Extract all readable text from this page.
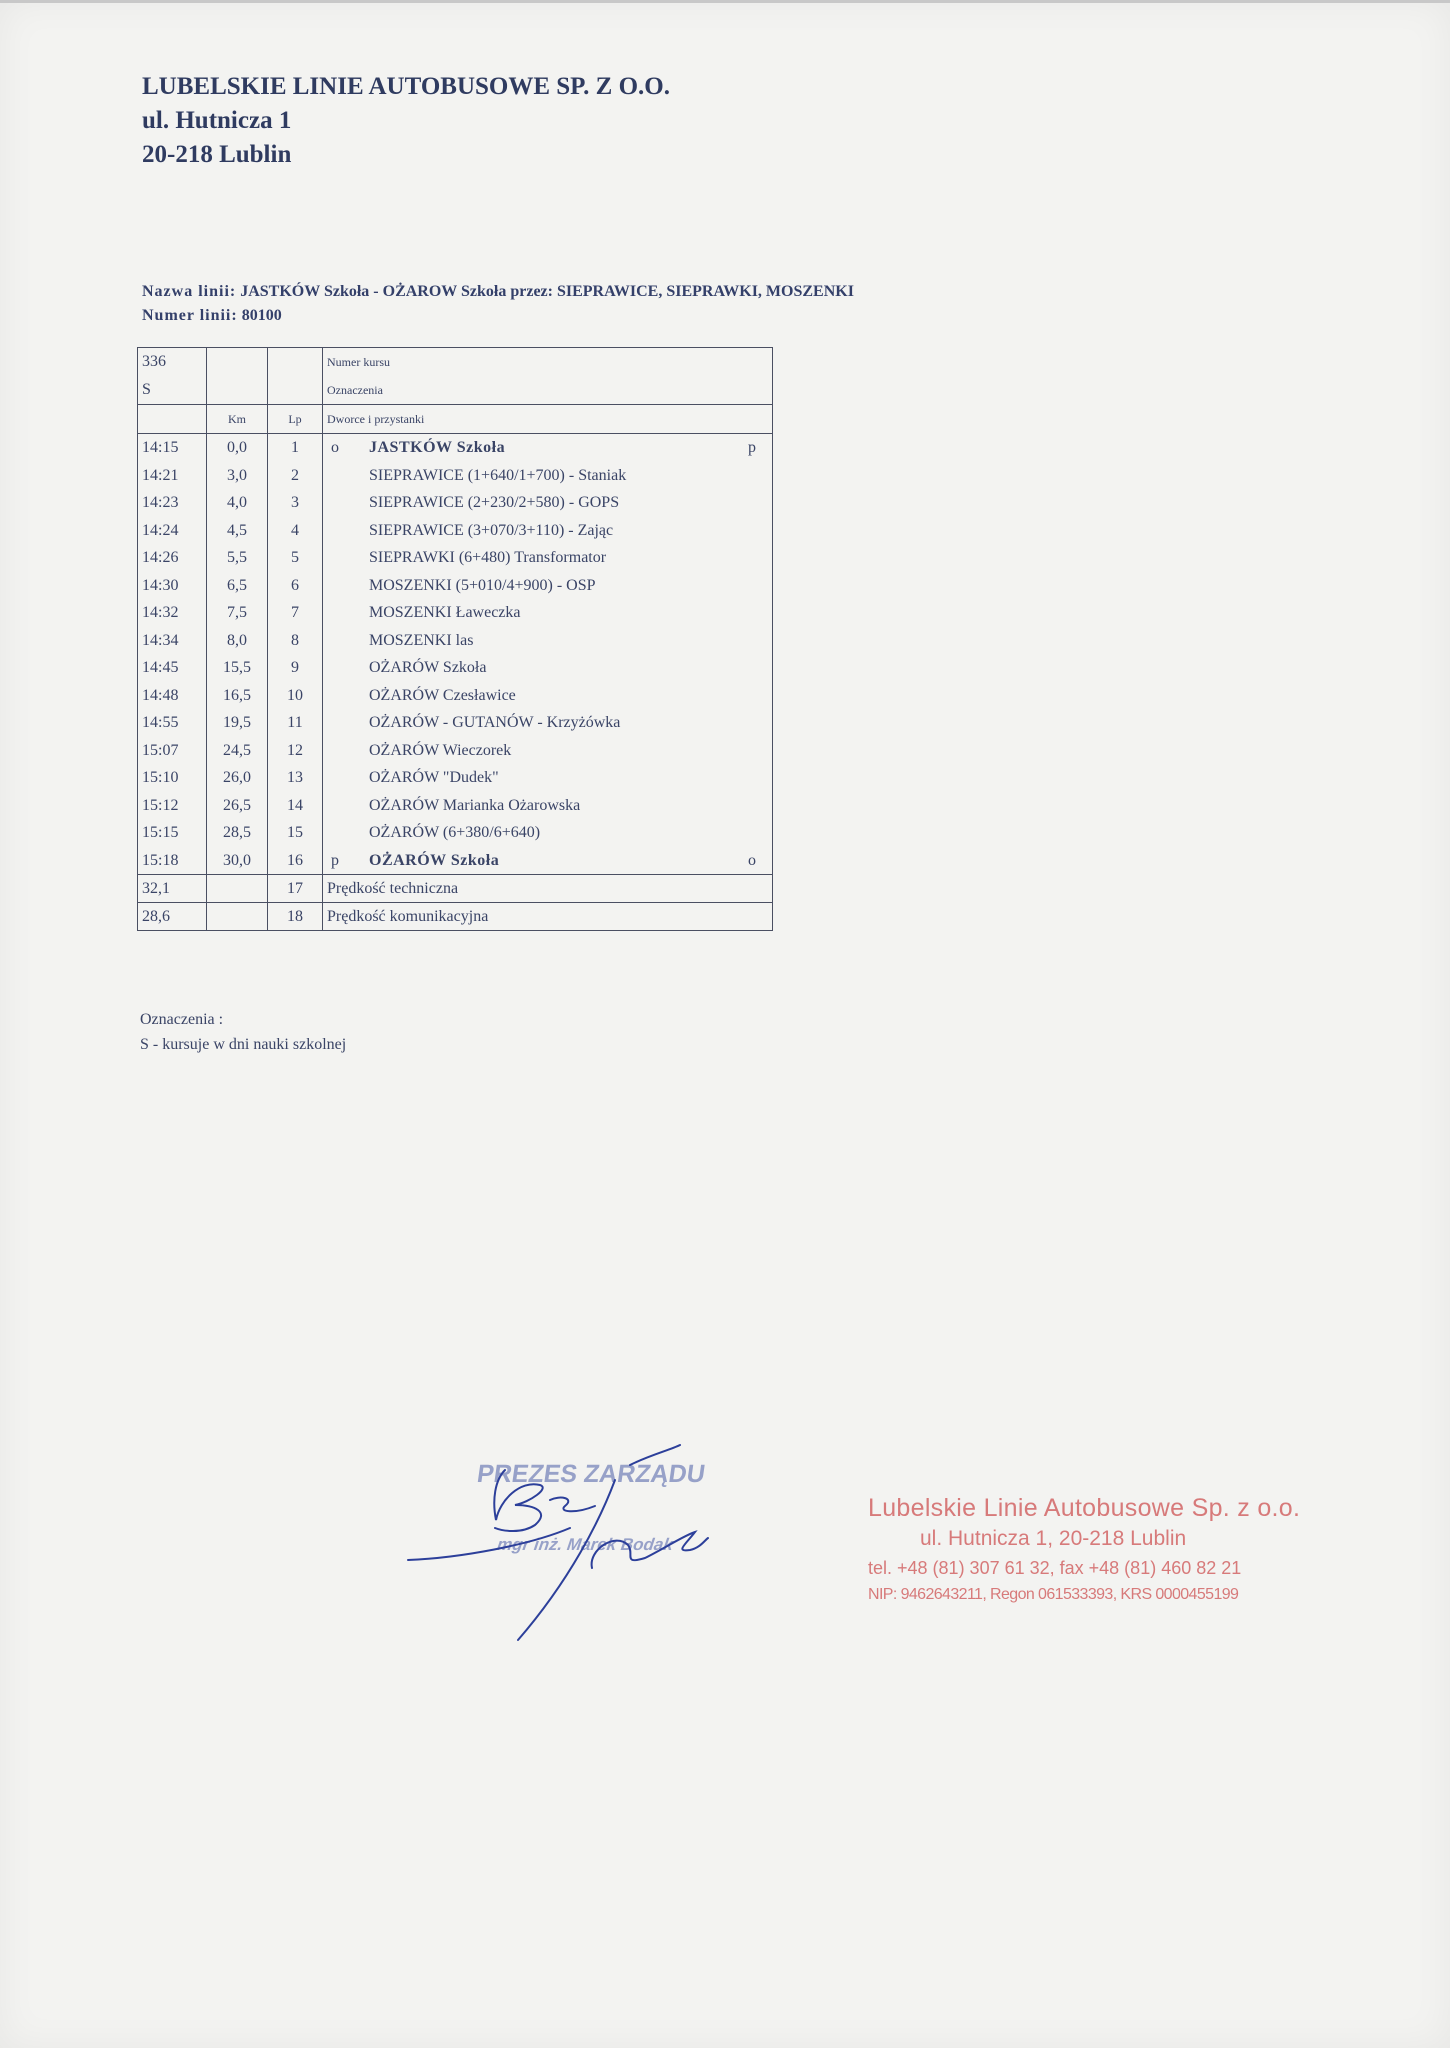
LUBELSKIE LINIE AUTOBUSOWE SP. Z O.O.
ul. Hutnicza 1
20-218 Lublin
Nazwa linii: JASTKÓW Szkoła - OŻAROW Szkoła przez: SIEPRAWICE, SIEPRAWKI, MOSZENKI
Numer linii: 80100
336			Numer kursu
S			Oznaczenia
	Km	Lp	Dworce i przystanki
14:15	0,0	1	o JASTKÓW Szkoła p

14:21	3,0	2	SIEPRAWICE (1+640/1+700) - Staniak

14:23	4,0	3	SIEPRAWICE (2+230/2+580) - GOPS

14:24	4,5	4	SIEPRAWICE (3+070/3+110) - Zając

14:26	5,5	5	SIEPRAWKI (6+480) Transformator

14:30	6,5	6	MOSZENKI (5+010/4+900) - OSP

14:32	7,5	7	MOSZENKI Ławeczka

14:34	8,0	8	MOSZENKI las

14:45	15,5	9	OŻARÓW Szkoła

14:48	16,5	10	OŻARÓW Czesławice

14:55	19,5	11	OŻARÓW - GUTANÓW - Krzyżówka

15:07	24,5	12	OŻARÓW Wieczorek

15:10	26,0	13	OŻARÓW "Dudek"

15:12	26,5	14	OŻARÓW Marianka Ożarowska

15:15	28,5	15	OŻARÓW (6+380/6+640)

15:18	30,0	16	p OŻARÓW Szkoła o

32,1		17	Prędkość techniczna
28,6		18	Prędkość komunikacyjna
Oznaczenia :
S - kursuje w dni nauki szkolnej
PREZES ZARZĄDU
mgr inż. Marek Bodak
Lubelskie Linie Autobusowe Sp. z o.o.
ul. Hutnicza 1, 20-218 Lublin
tel. +48 (81) 307 61 32, fax +48 (81) 460 82 21
NIP: 9462643211, Regon 061533393, KRS 0000455199
